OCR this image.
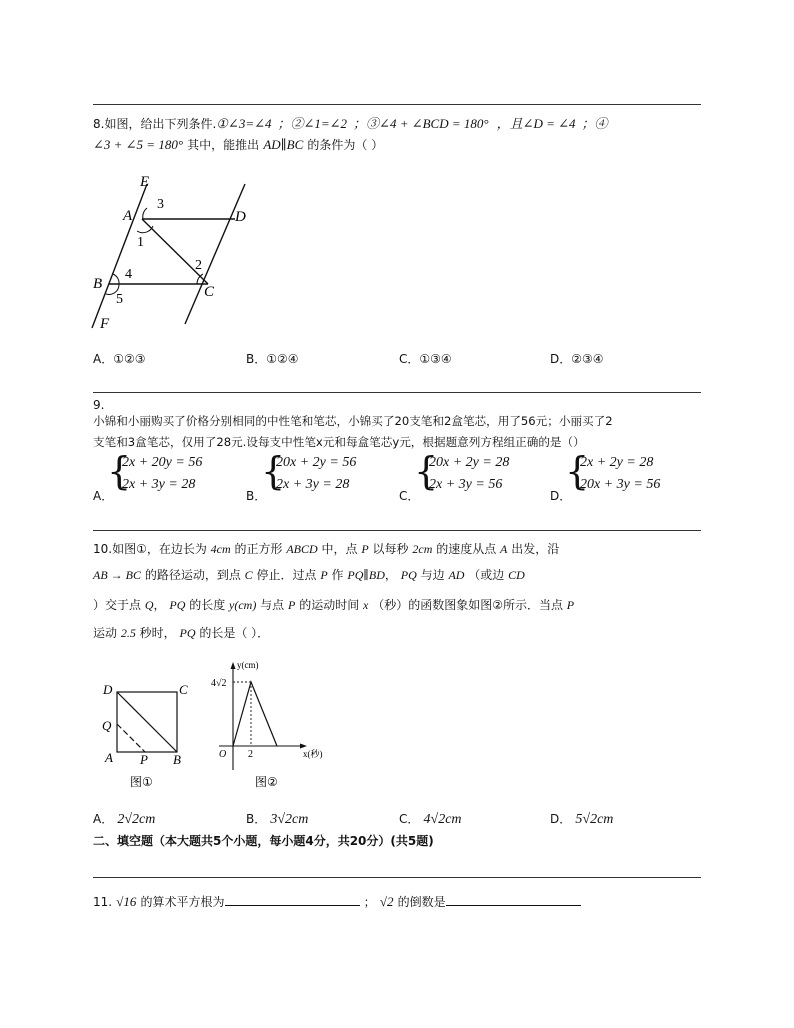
8.如图，给出下列条件.①∠3=∠4 ；②∠1=∠2 ；③∠4 + ∠BCD = 180° ，且∠D = ∠4 ；④
∠3 + ∠5 = 180° 其中，能推出 AD∥BC 的条件为（ ）
E
3
A	D
1
2
B
4
C
5
F
A．①②③	B．①②④	C．①③④	D．②③④
9.
小锦和小丽购买了价格分别相同的中性笔和笔芯，小锦买了20支笔和2盒笔芯，用了56元；小丽买了2
支笔和3盒笔芯，仅用了28元.设每支中性笔x元和每盒笔芯y元，根据题意列方程组正确的是（）
A．
{
2x + 20y = 56
2x + 3y = 28
B．
{
20x + 2y = 56
2x + 3y = 28
C．
{
20x + 2y = 28
2x + 3y = 56
D．
{
2x + 2y = 28
20x + 3y = 56
10.如图①，在边长为 4cm 的正方形 ABCD 中，点 P 以每秒 2cm 的速度从点 A 出发，沿
AB → BC 的路径运动，到点 C 停止．过点 P 作 PQ∥BD， PQ 与边 AD （或边 CD
）交于点 Q， PQ 的长度 y(cm) 与点 P 的运动时间 x （秒）的函数图象如图②所示．当点 P
运动 2.5 秒时， PQ 的长是（ ）．
D	C
Q
A P B
图①
y(cm)
4√2
O 2	x(秒)
图②
A． 2√2cm	B． 3√2cm	C． 4√2cm	D． 5√2cm
二、填空题（本大题共5个小题，每小题4分，共20分）(共5题)
11. √16 的算术平方根为	； √2 的倒数是
